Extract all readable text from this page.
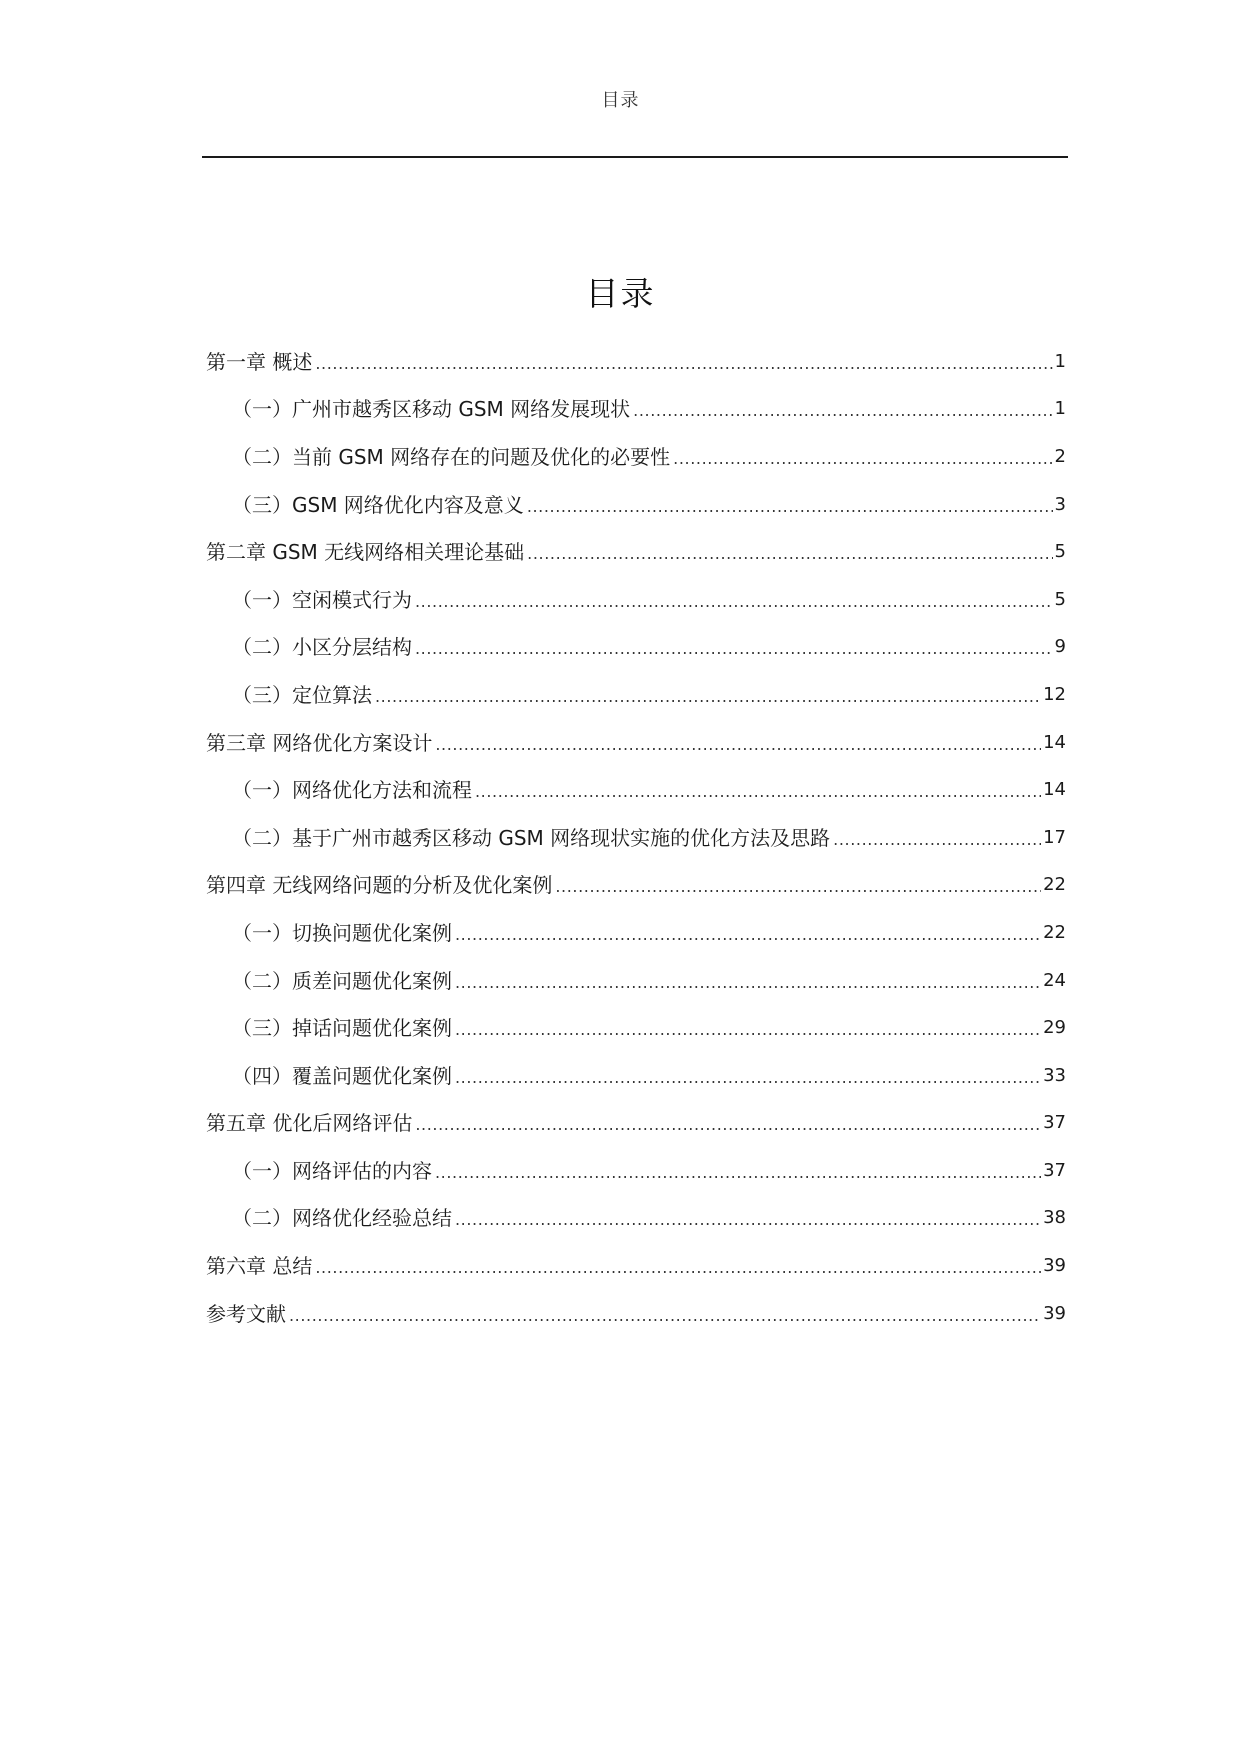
目录
目录
第一章 概述 .....	1
（一）广州市越秀区移动 GSM 网络发展现状 .....	1
（二）当前 GSM 网络存在的问题及优化的必要性 .....	2
（三）GSM 网络优化内容及意义 .....	3
第二章 GSM 无线网络相关理论基础 .....	5
（一）空闲模式行为 .....	5
（二）小区分层结构 .....	9
（三）定位算法 .....	12
第三章 网络优化方案设计 .....	14
（一）网络优化方法和流程 .....	14
（二）基于广州市越秀区移动 GSM 网络现状实施的优化方法及思路 .....	17
第四章 无线网络问题的分析及优化案例 .....	22
（一）切换问题优化案例 .....	22
（二）质差问题优化案例 .....	24
（三）掉话问题优化案例 .....	29
（四）覆盖问题优化案例 .....	33
第五章 优化后网络评估 .....	37
（一）网络评估的内容 .....	37
（二）网络优化经验总结 .....	38
第六章 总结 .....	39
参考文献 .....	39
